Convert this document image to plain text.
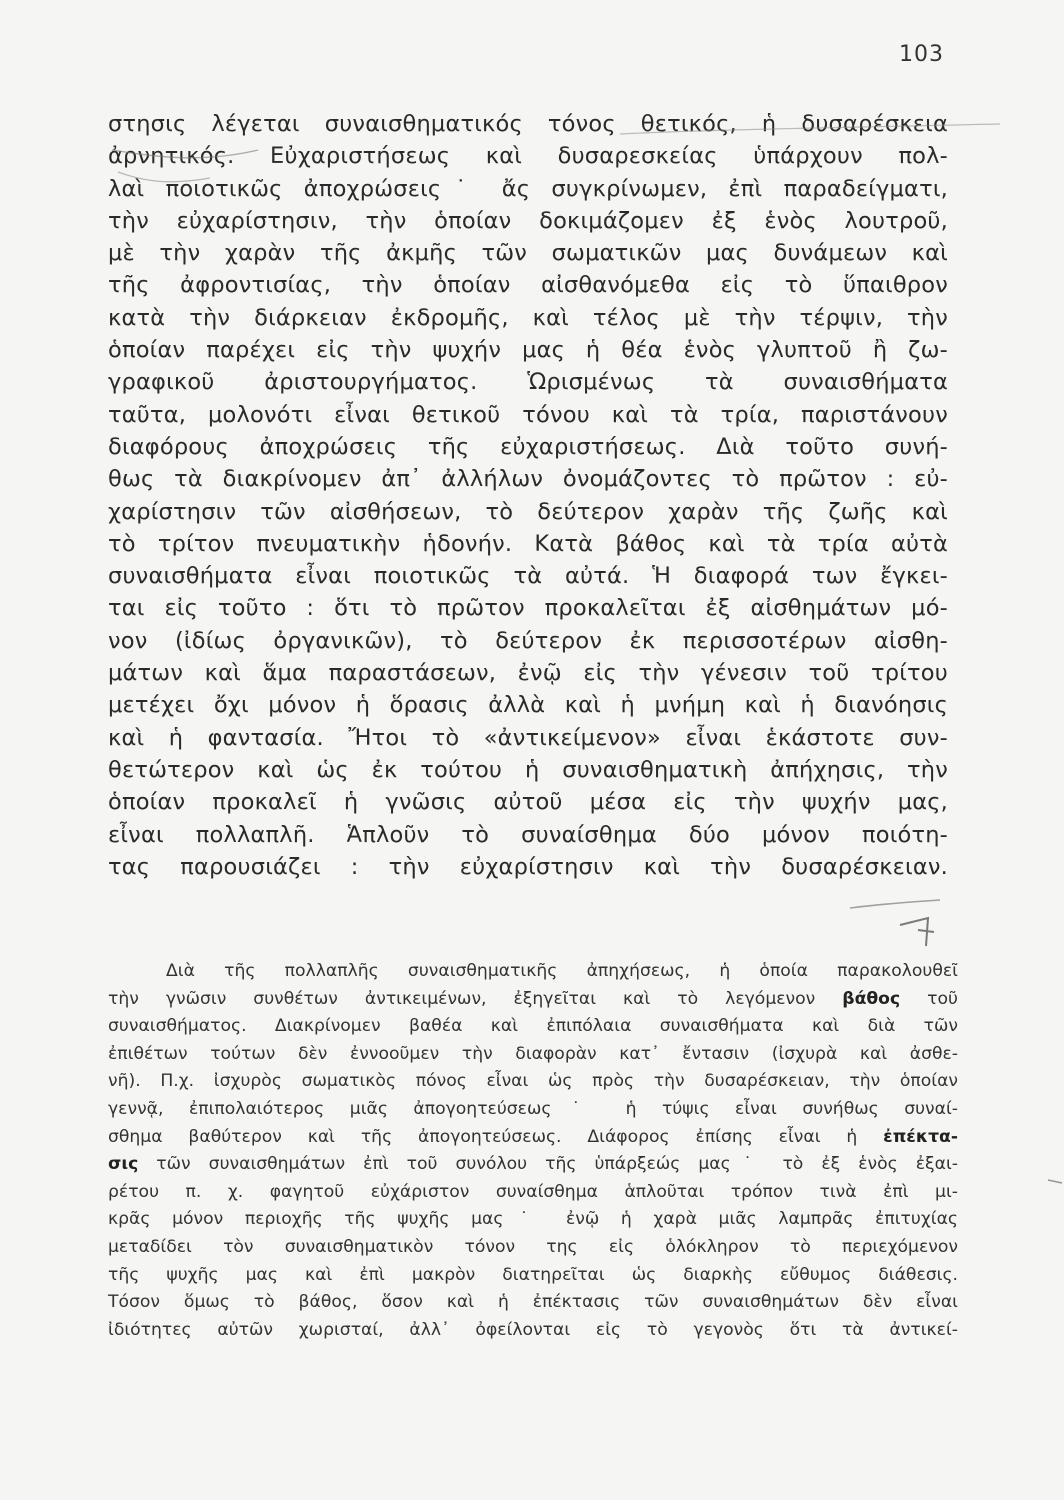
103
στησις λέγεται συναισθηματικός τόνος θετικός, ἡ δυσαρέσκεια
ἀρνητικός. Εὐχαριστήσεως καὶ δυσαρεσκείας ὑπάρχουν πολ-
λαὶ ποιοτικῶς ἀποχρώσεις˙ ἄς συγκρίνωμεν, ἐπὶ παραδείγματι,
τὴν εὐχαρίστησιν, τὴν ὁποίαν δοκιμάζομεν ἐξ ἑνὸς λουτροῦ,
μὲ τὴν χαρὰν τῆς ἀκμῆς τῶν σωματικῶν μας δυνάμεων καὶ
τῆς ἀφροντισίας, τὴν ὁποίαν αἰσθανόμεθα εἰς τὸ ὕπαιθρον
κατὰ τὴν διάρκειαν ἐκδρομῆς, καὶ τέλος μὲ τὴν τέρψιν, τὴν
ὁποίαν παρέχει εἰς τὴν ψυχήν μας ἡ θέα ἑνὸς γλυπτοῦ ἢ ζω-
γραφικοῦ ἀριστουργήματος. Ὡρισμένως τὰ συναισθήματα
ταῦτα, μολονότι εἶναι θετικοῦ τόνου καὶ τὰ τρία, παριστάνουν
διαφόρους ἀποχρώσεις τῆς εὐχαριστήσεως. Διὰ τοῦτο συνή-
θως τὰ διακρίνομεν ἀπ᾽ ἀλλήλων ὀνομάζοντες τὸ πρῶτον : εὐ-
χαρίστησιν τῶν αἰσθήσεων, τὸ δεύτερον χαρὰν τῆς ζωῆς καὶ
τὸ τρίτον πνευματικὴν ἡδονήν. Κατὰ βάθος καὶ τὰ τρία αὐτὰ
συναισθήματα εἶναι ποιοτικῶς τὰ αὐτά. Ἡ διαφορά των ἔγκει-
ται εἰς τοῦτο : ὅτι τὸ πρῶτον προκαλεῖται ἐξ αἰσθημάτων μό-
νον (ἰδίως ὀργανικῶν), τὸ δεύτερον ἐκ περισσοτέρων αἰσθη-
μάτων καὶ ἅμα παραστάσεων, ἐνῷ εἰς τὴν γένεσιν τοῦ τρίτου
μετέχει ὄχι μόνον ἡ ὅρασις ἀλλὰ καὶ ἡ μνήμη καὶ ἡ διανόησις
καὶ ἡ φαντασία. Ἤτοι τὸ «ἀντικείμενον» εἶναι ἑκάστοτε συν-
θετώτερον καὶ ὡς ἐκ τούτου ἡ συναισθηματικὴ ἀπήχησις, τὴν
ὁποίαν προκαλεῖ ἡ γνῶσις αὐτοῦ μέσα εἰς τὴν ψυχήν μας,
εἶναι πολλαπλῆ. Ἁπλοῦν τὸ συναίσθημα δύο μόνον ποιότη-
τας παρουσιάζει : τὴν εὐχαρίστησιν καὶ τὴν δυσαρέσκειαν.
Διὰ τῆς πολλαπλῆς συναισθηματικῆς ἀπηχήσεως, ἡ ὁποία παρακολουθεῖ
τὴν γνῶσιν συνθέτων ἀντικειμένων, ἐξηγεῖται καὶ τὸ λεγόμενον βάθος τοῦ
συναισθήματος. Διακρίνομεν βαθέα καὶ ἐπιπόλαια συναισθήματα καὶ διὰ τῶν
ἐπιθέτων τούτων δὲν ἐννοοῦμεν τὴν διαφορὰν κατ᾽ ἔντασιν (ἰσχυρὰ καὶ ἀσθε-
νῆ). Π.χ. ἰσχυρὸς σωματικὸς πόνος εἶναι ὡς πρὸς τὴν δυσαρέσκειαν, τὴν ὁποίαν
γεννᾷ, ἐπιπολαιότερος μιᾶς ἀπογοητεύσεως˙ ἡ τύψις εἶναι συνήθως συναί-
σθημα βαθύτερον καὶ τῆς ἀπογοητεύσεως. Διάφορος ἐπίσης εἶναι ἡ ἐπέκτα-
σις τῶν συναισθημάτων ἐπὶ τοῦ συνόλου τῆς ὑπάρξεώς μας˙ τὸ ἐξ ἑνὸς ἐξαι-
ρέτου π. χ. φαγητοῦ εὐχάριστον συναίσθημα ἁπλοῦται τρόπον τινὰ ἐπὶ μι-
κρᾶς μόνον περιοχῆς τῆς ψυχῆς μας˙ ἐνῷ ἡ χαρὰ μιᾶς λαμπρᾶς ἐπιτυχίας
μεταδίδει τὸν συναισθηματικὸν τόνον της εἰς ὁλόκληρον τὸ περιεχόμενον
τῆς ψυχῆς μας καὶ ἐπὶ μακρὸν διατηρεῖται ὡς διαρκὴς εὔθυμος διάθεσις.
Τόσον ὅμως τὸ βάθος, ὅσον καὶ ἡ ἐπέκτασις τῶν συναισθημάτων δὲν εἶναι
ἰδιότητες αὐτῶν χωρισταί, ἀλλ᾽ ὀφείλονται εἰς τὸ γεγονὸς ὅτι τὰ ἀντικεί-
